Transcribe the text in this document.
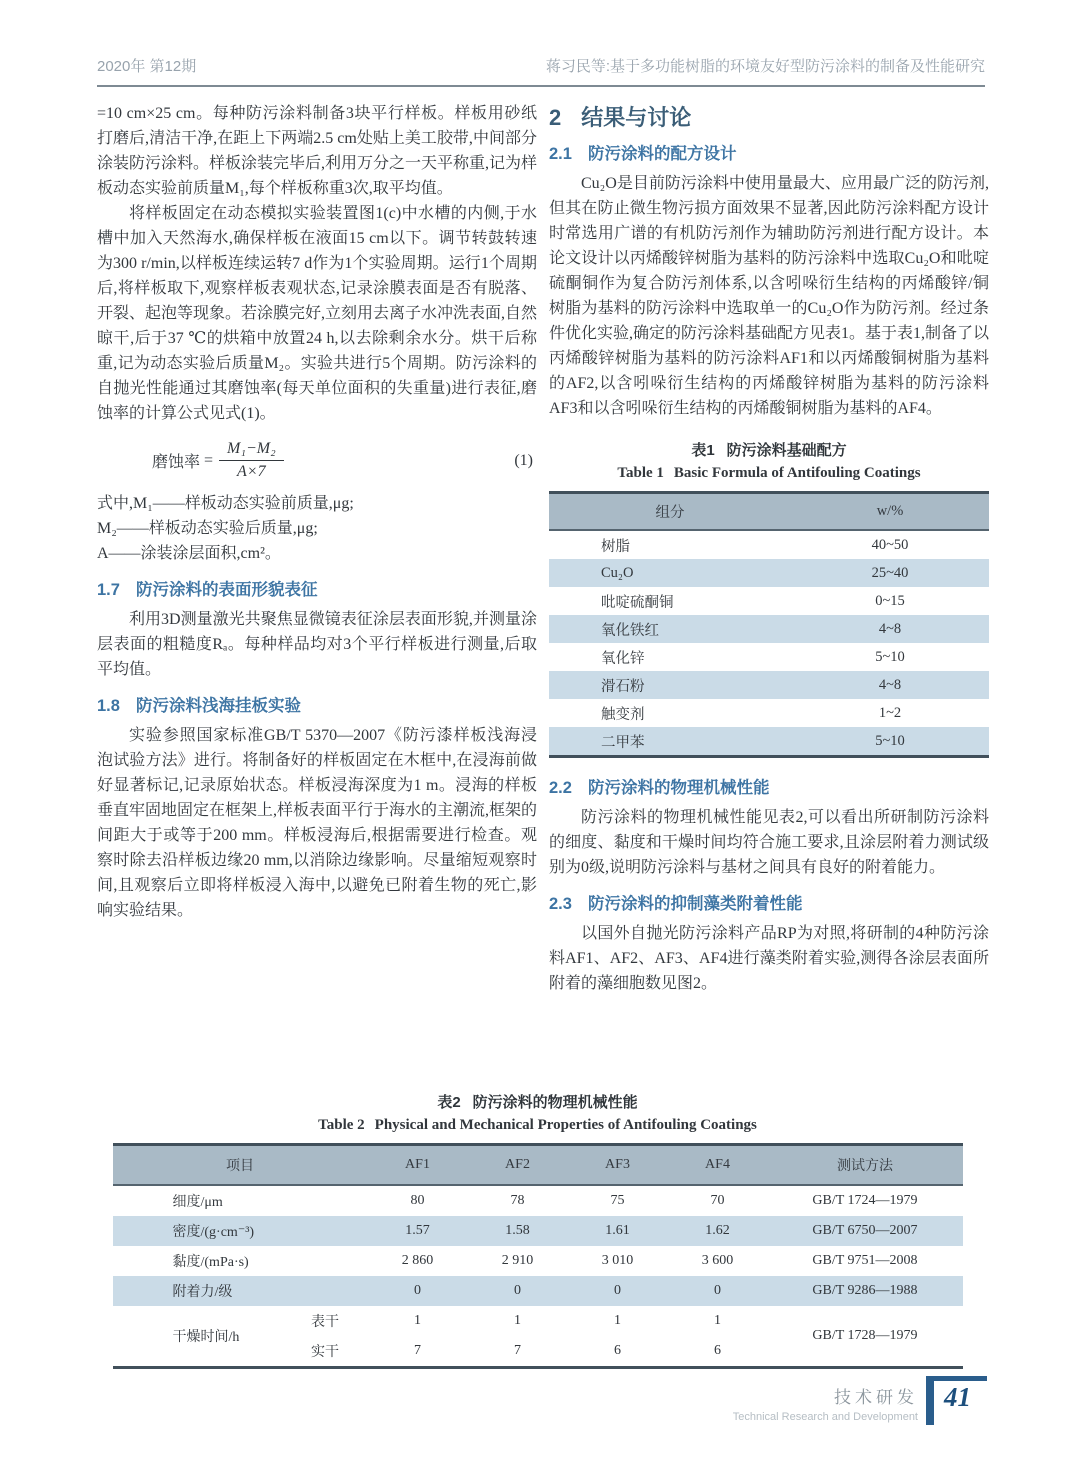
2020年 第12期	蒋习民等:基于多功能树脂的环境友好型防污涂料的制备及性能研究

=10 cm×25 cm。每种防污涂料制备3块平行样板。样板用砂纸打磨后,清洁干净,在距上下两端2.5 cm处贴上美工胶带,中间部分涂装防污涂料。样板涂装完毕后,利用万分之一天平称重,记为样板动态实验前质量M₁,每个样板称重3次,取平均值。

将样板固定在动态模拟实验装置图1(c)中水槽的内侧,于水槽中加入天然海水,确保样板在液面15 cm以下。调节转鼓转速为300 r/min,以样板连续运转7 d作为1个实验周期。运行1个周期后,将样板取下,观察样板表观状态,记录涂膜表面是否有脱落、开裂、起泡等现象。若涂膜完好,立刻用去离子水冲洗表面,自然晾干,后于37 ℃的烘箱中放置24 h,以去除剩余水分。烘干后称重,记为动态实验后质量M₂。实验共进行5个周期。防污涂料的自抛光性能通过其磨蚀率(每天单位面积的失重量)进行表征,磨蚀率的计算公式见式(1)。

磨蚀率 = $\frac{\text{M₁−M₂}}{A\times 7}$	(1)

式中,M₁——样板动态实验前质量,μg;

M₂——样板动态实验后质量,μg;

A——涂装涂层面积,cm²。

1.7 防污涂料的表面形貌表征

利用3D测量激光共聚焦显微镜表征涂层表面形貌,并测量涂层表面的粗糙度Rₐ。每种样品均对3个平行样板进行测量,后取平均值。

1.8 防污涂料浅海挂板实验

实验参照国家标准GB/T 5370—2007《防污漆样板浅海浸泡试验方法》进行。将制备好的样板固定在木框中,在浸海前做好显著标记,记录原始状态。样板浸海深度为1 m。浸海的样板垂直牢固地固定在框架上,样板表面平行于海水的主潮流,框架的间距大于或等于200 mm。样板浸海后,根据需要进行检查。观察时除去沿样板边缘20 mm,以消除边缘影响。尽量缩短观察时间,且观察后立即将样板浸入海中,以避免已附着生物的死亡,影响实验结果。

2 结果与讨论
2.1 防污涂料的配方设计

Cu₂O是目前防污涂料中使用量最大、应用最广泛的防污剂,但其在防止微生物污损方面效果不显著,因此防污涂料配方设计时常选用广谱的有机防污剂作为辅助防污剂进行配方设计。本论文设计以丙烯酸锌树脂为基料的防污涂料中选取Cu₂O和吡啶硫酮铜作为复合防污剂体系,以含吲哚衍生结构的丙烯酸锌/铜树脂为基料的防污涂料中选取单一的Cu₂O作为防污剂。经过条件优化实验,确定的防污涂料基础配方见表1。基于表1,制备了以丙烯酸锌树脂为基料的防污涂料AF1和以丙烯酸铜树脂为基料的AF2,以含吲哚衍生结构的丙烯酸锌树脂为基料的防污涂料AF3和以含吲哚衍生结构的丙烯酸铜树脂为基料的AF4。

表1 防污涂料基础配方
Table 1 Basic Formula of Antifouling Coatings
组分	w/%
树脂	40~50
Cu₂O	25~40
吡啶硫酮铜	0~15
氧化铁红	4~8
氧化锌	5~10
滑石粉	4~8
触变剂	1~2
二甲苯	5~10
2.2 防污涂料的物理机械性能

防污涂料的物理机械性能见表2,可以看出所研制防污涂料的细度、黏度和干燥时间均符合施工要求,且涂层附着力测试级别为0级,说明防污涂料与基材之间具有良好的附着能力。

2.3 防污涂料的抑制藻类附着性能

以国外自抛光防污涂料产品RP为对照,将研制的4种防污涂料AF1、AF2、AF3、AF4进行藻类附着实验,测得各涂层表面所附着的藻细胞数见图2。

表2 防污涂料的物理机械性能
Table 2 Physical and Mechanical Properties of Antifouling Coatings
项目		AF1	AF2	AF3	AF4	测试方法
细度/μm		80	78	75	70	GB/T 1724—1979
密度/(g·cm⁻³)		1.57	1.58	1.61	1.62	GB/T 6750—2007
黏度/(mPa·s)		2 860	2 910	3 010	3 600	GB/T 9751—2008
附着力/级		0	0	0	0	GB/T 9286—1988
干燥时间/h	表干	1	1	1	1	GB/T 1728—1979
	实干	7	7	6	6	
技术研发
Technical Research and Development
41
